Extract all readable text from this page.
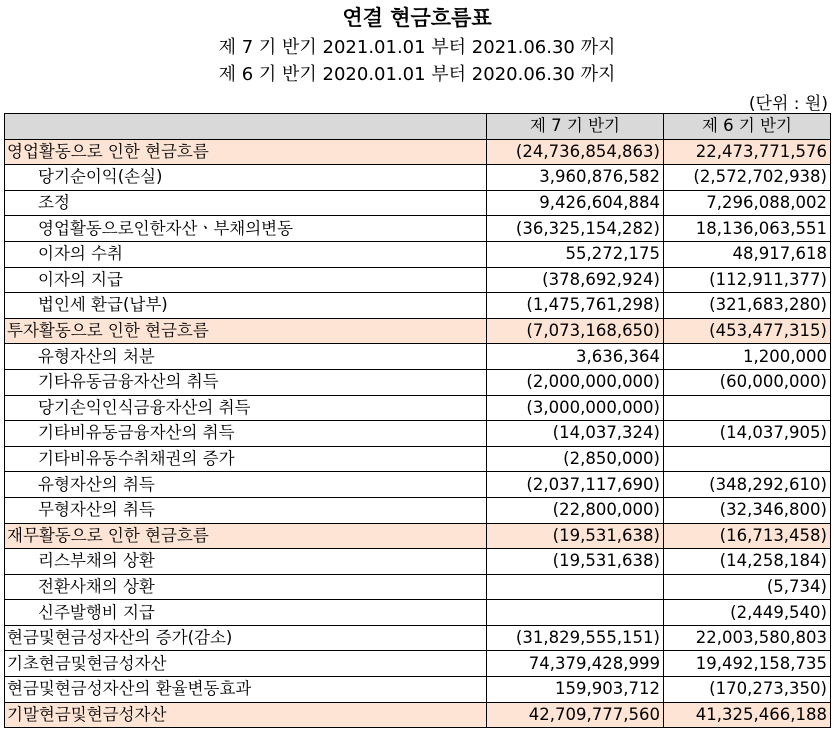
연결 현금흐름표
제 7 기 반기 2021.01.01 부터 2021.06.30 까지
제 6 기 반기 2020.01.01 부터 2020.06.30 까지
(단위 : 원)
	제 7 기 반기	제 6 기 반기
영업활동으로 인한 현금흐름	(24,736,854,863)	22,473,771,576
당기순이익(손실)	3,960,876,582	(2,572,702,938)
조정	9,426,604,884	7,296,088,002
영업활동으로인한자산ㆍ부채의변동	(36,325,154,282)	18,136,063,551
이자의 수취	55,272,175	48,917,618
이자의 지급	(378,692,924)	(112,911,377)
법인세 환급(납부)	(1,475,761,298)	(321,683,280)
투자활동으로 인한 현금흐름	(7,073,168,650)	(453,477,315)
유형자산의 처분	3,636,364	1,200,000
기타유동금융자산의 취득	(2,000,000,000)	(60,000,000)
당기손익인식금융자산의 취득	(3,000,000,000)	
기타비유동금융자산의 취득	(14,037,324)	(14,037,905)
기타비유동수취채권의 증가	(2,850,000)	
유형자산의 취득	(2,037,117,690)	(348,292,610)
무형자산의 취득	(22,800,000)	(32,346,800)
재무활동으로 인한 현금흐름	(19,531,638)	(16,713,458)
리스부채의 상환	(19,531,638)	(14,258,184)
전환사채의 상환		(5,734)
신주발행비 지급		(2,449,540)
현금및현금성자산의 증가(감소)	(31,829,555,151)	22,003,580,803
기초현금및현금성자산	74,379,428,999	19,492,158,735
현금및현금성자산의 환율변동효과	159,903,712	(170,273,350)
기말현금및현금성자산	42,709,777,560	41,325,466,188
